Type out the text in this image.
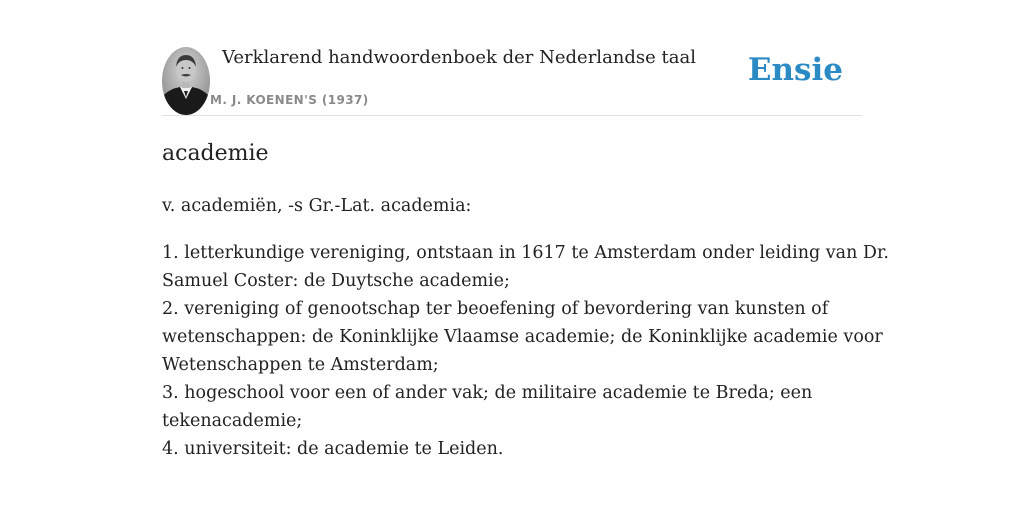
Verklarend handwoordenboek der Nederlandse taal
M. J. KOENEN'S (1937)
Ensie
academie
v. academiën, -s Gr.-Lat. academia:
1. letterkundige vereniging, ontstaan in 1617 te Amsterdam onder leiding van Dr.
Samuel Coster: de Duytsche academie;
2. vereniging of genootschap ter beoefening of bevordering van kunsten of
wetenschappen: de Koninklijke Vlaamse academie; de Koninklijke academie voor
Wetenschappen te Amsterdam;
3. hogeschool voor een of ander vak; de militaire academie te Breda; een
tekenacademie;
4. universiteit: de academie te Leiden.
